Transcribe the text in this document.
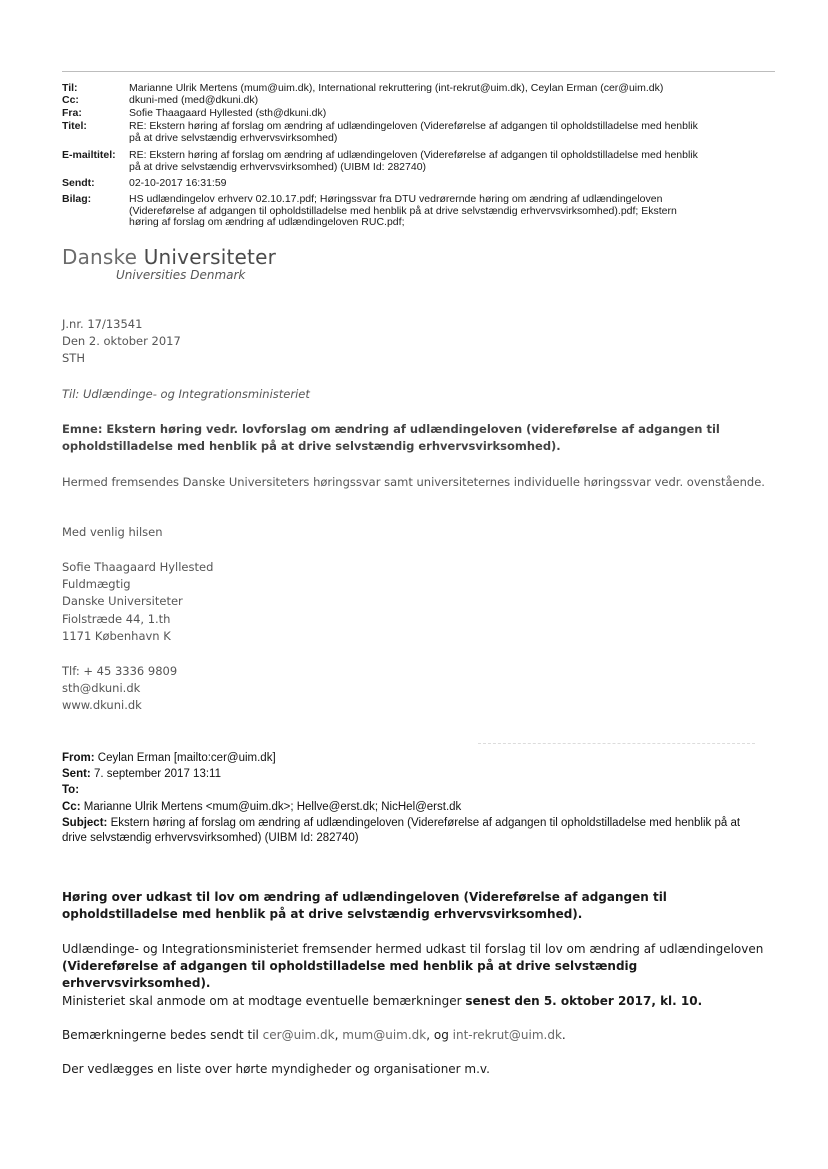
Til:	Marianne Ulrik Mertens (mum@uim.dk), International rekruttering (int-rekrut@uim.dk), Ceylan Erman (cer@uim.dk)
Cc:	dkuni-med (med@dkuni.dk)
Fra:	Sofie Thaagaard Hyllested (sth@dkuni.dk)
Titel:	RE: Ekstern høring af forslag om ændring af udlændingeloven (Videreførelse af adgangen til opholdstilladelse med henblik
på at drive selvstændig erhvervsvirksomhed)
E-mailtitel:	RE: Ekstern høring af forslag om ændring af udlændingeloven (Videreførelse af adgangen til opholdstilladelse med henblik
på at drive selvstændig erhvervsvirksomhed) (UIBM Id: 282740)
Sendt:	02-10-2017 16:31:59
Bilag:	HS udlændingelov erhverv 02.10.17.pdf; Høringssvar fra DTU vedrørernde høring om ændring af udlændingeloven
(Videreførelse af adgangen til opholdstilladelse med henblik på at drive selvstændig erhvervsvirksomhed).pdf; Ekstern
høring af forslag om ændring af udlændingeloven RUC.pdf;
Danske Universiteter
Universities Denmark
J.nr. 17/13541
Den 2. oktober 2017
STH
Til: Udlændinge- og Integrationsministeriet
Emne: Ekstern høring vedr. lovforslag om ændring af udlændingeloven (videreførelse af adgangen til opholdstilladelse med henblik på at drive selvstændig erhvervsvirksomhed).
Hermed fremsendes Danske Universiteters høringssvar samt universiteternes individuelle høringssvar vedr. ovenstående.
Med venlig hilsen
Sofie Thaagaard Hyllested
Fuldmægtig
Danske Universiteter
Fiolstræde 44, 1.th
1171 København K
Tlf: + 45 3336 9809
sth@dkuni.dk
www.dkuni.dk
From: Ceylan Erman [mailto:cer@uim.dk]
Sent: 7. september 2017 13:11
To:
Cc: Marianne Ulrik Mertens <mum@uim.dk>; Hellve@erst.dk; NicHel@erst.dk
Subject: Ekstern høring af forslag om ændring af udlændingeloven (Videreførelse af adgangen til opholdstilladelse med henblik på at
drive selvstændig erhvervsvirksomhed) (UIBM Id: 282740)
Høring over udkast til lov om ændring af udlændingeloven (Videreførelse af adgangen til opholdstilladelse med henblik på at drive selvstændig erhvervsvirksomhed).
Udlændinge- og Integrationsministeriet fremsender hermed udkast til forslag til lov om ændring af udlændingeloven
(Videreførelse af adgangen til opholdstilladelse med henblik på at drive selvstændig erhvervsvirksomhed).
Ministeriet skal anmode om at modtage eventuelle bemærkninger senest den 5. oktober 2017, kl. 10.
Bemærkningerne bedes sendt til cer@uim.dk, mum@uim.dk, og int-rekrut@uim.dk.
Der vedlægges en liste over hørte myndigheder og organisationer m.v.
